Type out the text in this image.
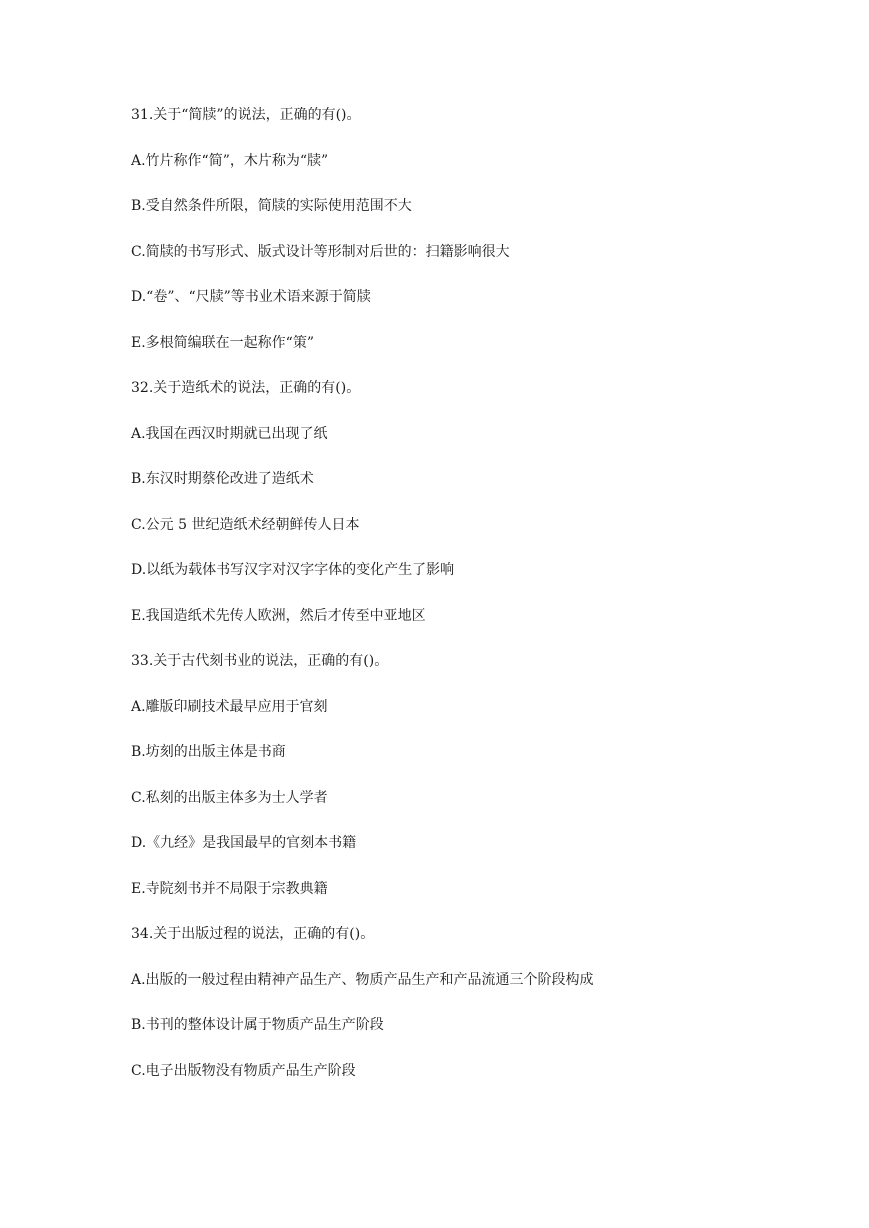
31.关于“简牍”的说法，正确的有()。
A.竹片称作“简”，木片称为“牍”
B.受自然条件所限，简牍的实际使用范围不大
C.简牍的书写形式、版式设计等形制对后世的：扫籍影响很大
D.“卷”、“尺牍”等书业术语来源于简牍
E.多根简编联在一起称作“策”
32.关于造纸术的说法，正确的有()。
A.我国在西汉时期就已出现了纸
B.东汉时期蔡伦改进了造纸术
C.公元 5 世纪造纸术经朝鲜传人日本
D.以纸为载体书写汉字对汉字字体的变化产生了影响
E.我国造纸术先传人欧洲，然后才传至中亚地区
33.关于古代刻书业的说法，正确的有()。
A.雕版印刷技术最早应用于官刻
B.坊刻的出版主体是书商
C.私刻的出版主体多为士人学者
D.《九经》是我国最早的官刻本书籍
E.寺院刻书并不局限于宗教典籍
34.关于出版过程的说法，正确的有()。
A.出版的一般过程由精神产品生产、物质产品生产和产品流通三个阶段构成
B.书刊的整体设计属于物质产品生产阶段
C.电子出版物没有物质产品生产阶段
